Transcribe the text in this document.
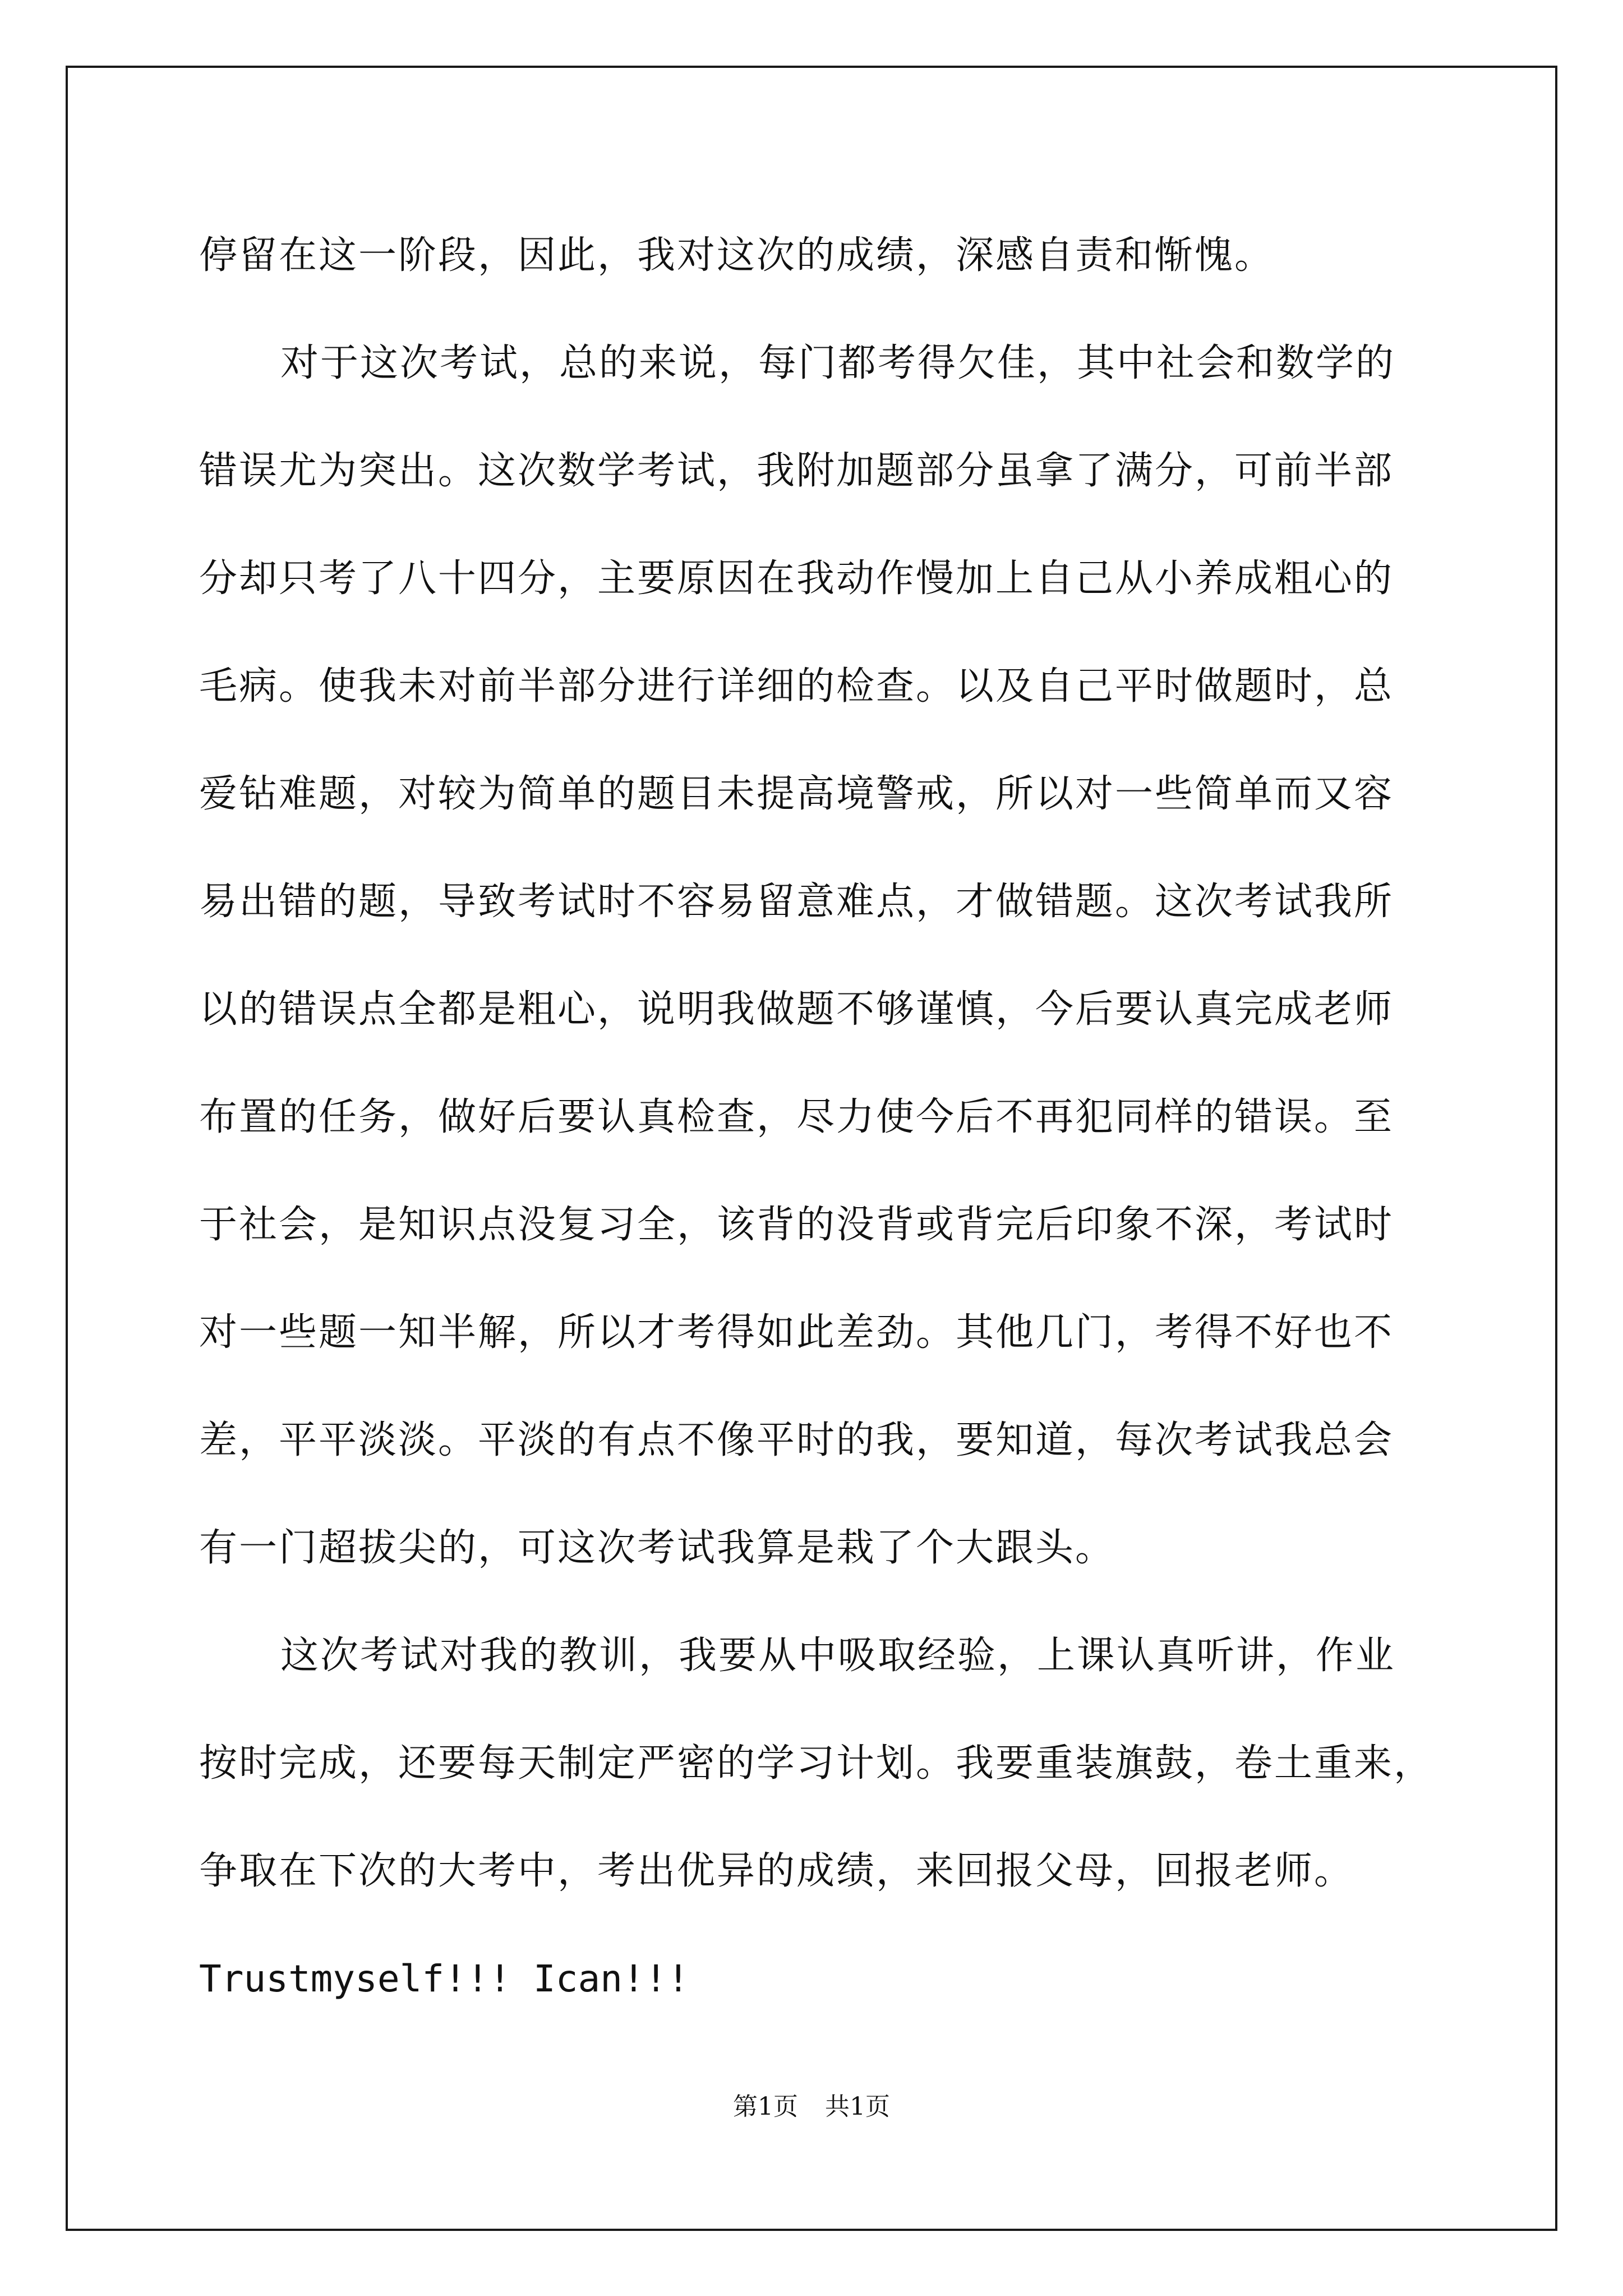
停留在这一阶段，因此，我对这次的成绩，深感自责和惭愧。
对于这次考试，总的来说，每门都考得欠佳，其中社会和数学的
错误尤为突出。这次数学考试，我附加题部分虽拿了满分，可前半部
分却只考了八十四分，主要原因在我动作慢加上自己从小养成粗心的
毛病。使我未对前半部分进行详细的检查。以及自己平时做题时，总
爱钻难题，对较为简单的题目未提高境警戒，所以对一些简单而又容
易出错的题，导致考试时不容易留意难点，才做错题。这次考试我所
以的错误点全都是粗心，说明我做题不够谨慎，今后要认真完成老师
布置的任务，做好后要认真检查，尽力使今后不再犯同样的错误。至
于社会，是知识点没复习全，该背的没背或背完后印象不深，考试时
对一些题一知半解，所以才考得如此差劲。其他几门，考得不好也不
差，平平淡淡。平淡的有点不像平时的我，要知道，每次考试我总会
有一门超拔尖的，可这次考试我算是栽了个大跟头。
这次考试对我的教训，我要从中吸取经验，上课认真听讲，作业
按时完成，还要每天制定严密的学习计划。我要重装旗鼓，卷土重来，
争取在下次的大考中，考出优异的成绩，来回报父母，回报老师。
Trustmyself!!! Ican!!!
第1页 共1页
